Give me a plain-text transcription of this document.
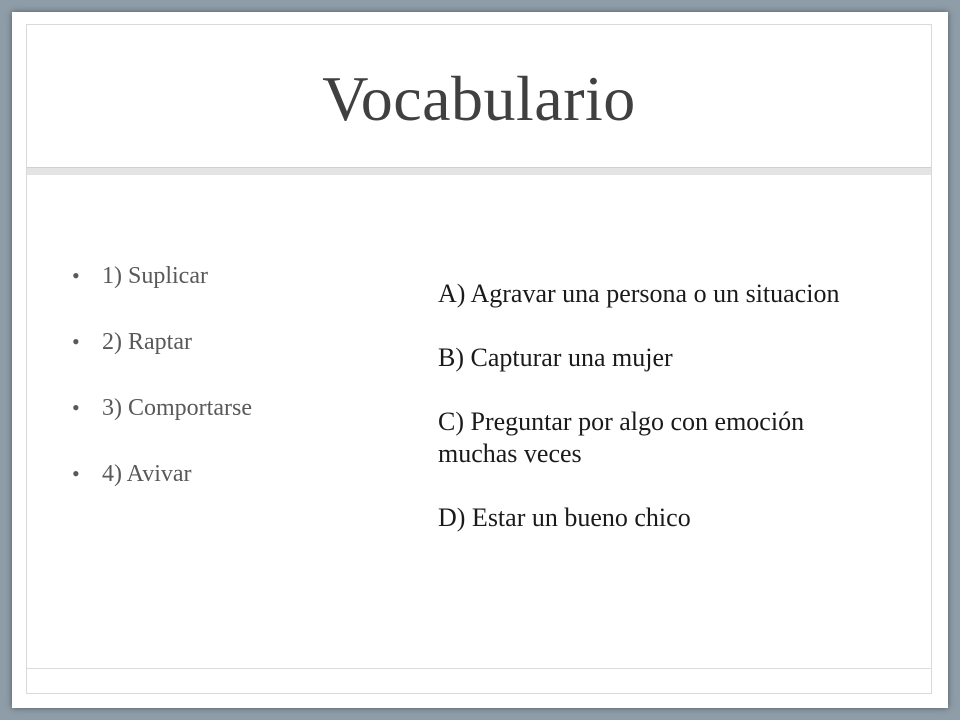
Vocabulario
• 1) Suplicar
• 2) Raptar
• 3) Comportarse
• 4) Avivar

A) Agravar una persona o un situacion

B) Capturar una mujer

C) Preguntar por algo con emoción muchas veces

D) Estar un bueno chico
